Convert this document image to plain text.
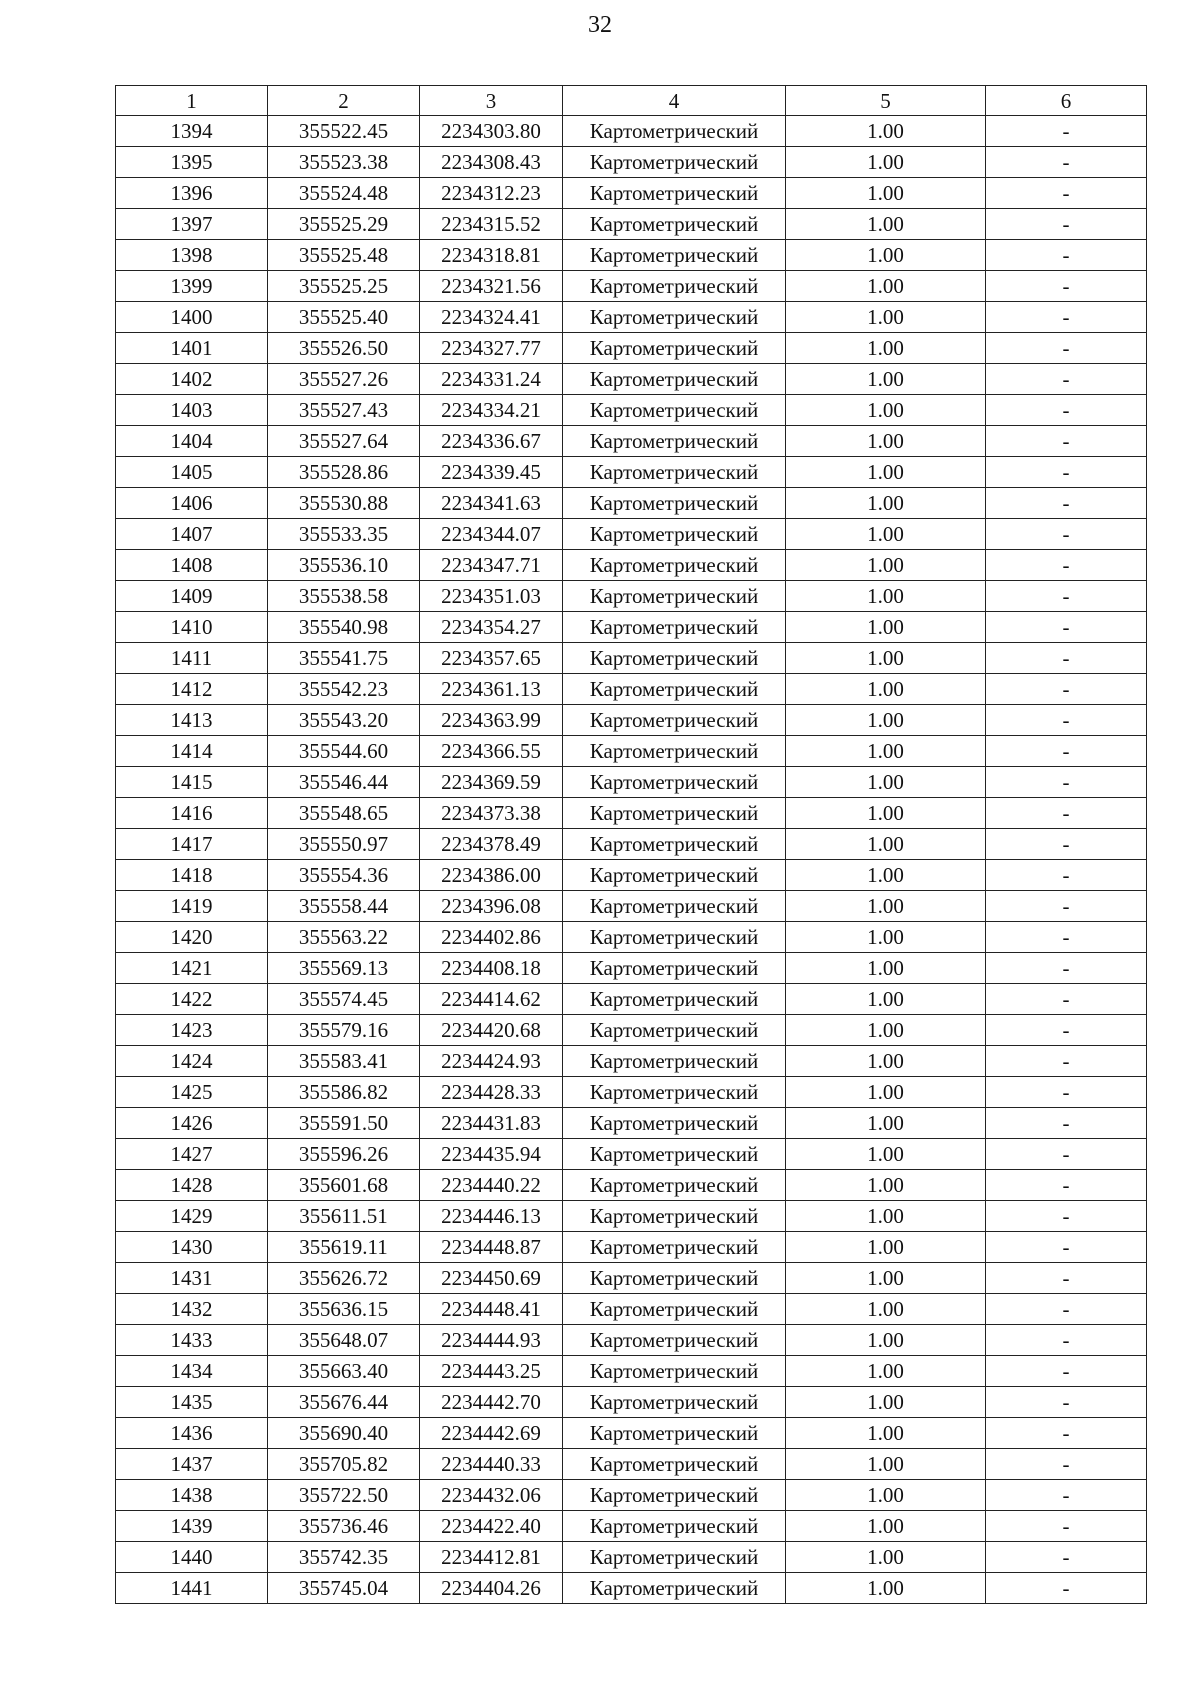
32
1	2	3	4	5	6
1394	355522.45	2234303.80	Картометрический	1.00	-
1395	355523.38	2234308.43	Картометрический	1.00	-
1396	355524.48	2234312.23	Картометрический	1.00	-
1397	355525.29	2234315.52	Картометрический	1.00	-
1398	355525.48	2234318.81	Картометрический	1.00	-
1399	355525.25	2234321.56	Картометрический	1.00	-
1400	355525.40	2234324.41	Картометрический	1.00	-
1401	355526.50	2234327.77	Картометрический	1.00	-
1402	355527.26	2234331.24	Картометрический	1.00	-
1403	355527.43	2234334.21	Картометрический	1.00	-
1404	355527.64	2234336.67	Картометрический	1.00	-
1405	355528.86	2234339.45	Картометрический	1.00	-
1406	355530.88	2234341.63	Картометрический	1.00	-
1407	355533.35	2234344.07	Картометрический	1.00	-
1408	355536.10	2234347.71	Картометрический	1.00	-
1409	355538.58	2234351.03	Картометрический	1.00	-
1410	355540.98	2234354.27	Картометрический	1.00	-
1411	355541.75	2234357.65	Картометрический	1.00	-
1412	355542.23	2234361.13	Картометрический	1.00	-
1413	355543.20	2234363.99	Картометрический	1.00	-
1414	355544.60	2234366.55	Картометрический	1.00	-
1415	355546.44	2234369.59	Картометрический	1.00	-
1416	355548.65	2234373.38	Картометрический	1.00	-
1417	355550.97	2234378.49	Картометрический	1.00	-
1418	355554.36	2234386.00	Картометрический	1.00	-
1419	355558.44	2234396.08	Картометрический	1.00	-
1420	355563.22	2234402.86	Картометрический	1.00	-
1421	355569.13	2234408.18	Картометрический	1.00	-
1422	355574.45	2234414.62	Картометрический	1.00	-
1423	355579.16	2234420.68	Картометрический	1.00	-
1424	355583.41	2234424.93	Картометрический	1.00	-
1425	355586.82	2234428.33	Картометрический	1.00	-
1426	355591.50	2234431.83	Картометрический	1.00	-
1427	355596.26	2234435.94	Картометрический	1.00	-
1428	355601.68	2234440.22	Картометрический	1.00	-
1429	355611.51	2234446.13	Картометрический	1.00	-
1430	355619.11	2234448.87	Картометрический	1.00	-
1431	355626.72	2234450.69	Картометрический	1.00	-
1432	355636.15	2234448.41	Картометрический	1.00	-
1433	355648.07	2234444.93	Картометрический	1.00	-
1434	355663.40	2234443.25	Картометрический	1.00	-
1435	355676.44	2234442.70	Картометрический	1.00	-
1436	355690.40	2234442.69	Картометрический	1.00	-
1437	355705.82	2234440.33	Картометрический	1.00	-
1438	355722.50	2234432.06	Картометрический	1.00	-
1439	355736.46	2234422.40	Картометрический	1.00	-
1440	355742.35	2234412.81	Картометрический	1.00	-
1441	355745.04	2234404.26	Картометрический	1.00	-
